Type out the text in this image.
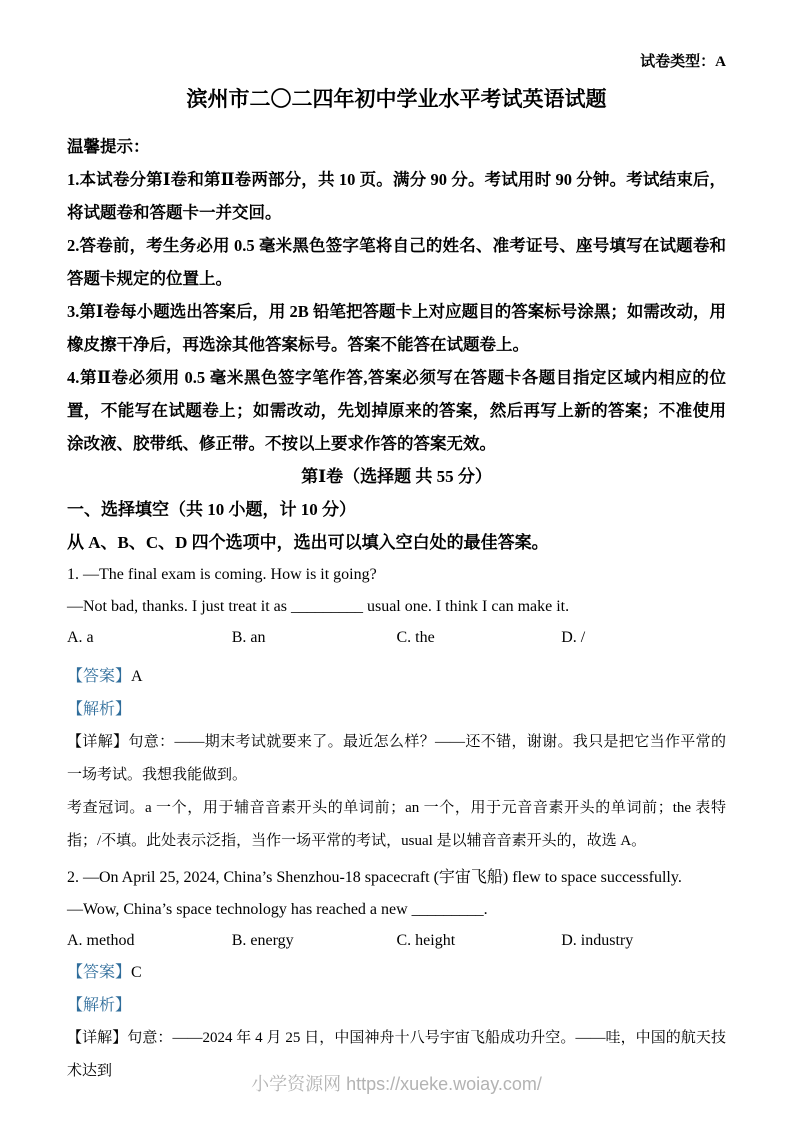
试卷类型：A

滨州市二〇二四年初中学业水平考试英语试题

温馨提示：

1.本试卷分第Ⅰ卷和第Ⅱ卷两部分，共 10 页。满分 90 分。考试用时 90 分钟。考试结束后，将试题卷和答题卡一并交回。

2.答卷前，考生务必用 0.5 毫米黑色签字笔将自己的姓名、准考证号、座号填写在试题卷和答题卡规定的位置上。

3.第Ⅰ卷每小题选出答案后，用 2B 铅笔把答题卡上对应题目的答案标号涂黑；如需改动，用橡皮擦干净后，再选涂其他答案标号。答案不能答在试题卷上。

4.第Ⅱ卷必须用 0.5 毫米黑色签字笔作答,答案必须写在答题卡各题目指定区域内相应的位置，不能写在试题卷上；如需改动，先划掉原来的答案，然后再写上新的答案；不准使用涂改液、胶带纸、修正带。不按以上要求作答的答案无效。

第Ⅰ卷（选择题 共 55 分）

一、选择填空（共 10 小题，计 10 分）

从 A、B、C、D 四个选项中，选出可以填入空白处的最佳答案。

1. —The final exam is coming. How is it going?

—Not bad, thanks. I just treat it as _________ usual one. I think I can make it.

A. a	B. an	C. the	D. /

【答案】A

【解析】

【详解】句意：——期末考试就要来了。最近怎么样？——还不错，谢谢。我只是把它当作平常的一场考试。我想我能做到。

考查冠词。a 一个，用于辅音音素开头的单词前；an 一个，用于元音音素开头的单词前；the 表特指；/不填。此处表示泛指，当作一场平常的考试，usual 是以辅音音素开头的，故选 A。

2. —On April 25, 2024, China’s Shenzhou-18 spacecraft (宇宙飞船) flew to space successfully.

—Wow, China’s space technology has reached a new _________.

A. method	B. energy	C. height	D. industry

【答案】C

【解析】

【详解】句意：——2024 年 4 月 25 日，中国神舟十八号宇宙飞船成功升空。——哇，中国的航天技术达到

小学资源网 https://xueke.woiay.com/
